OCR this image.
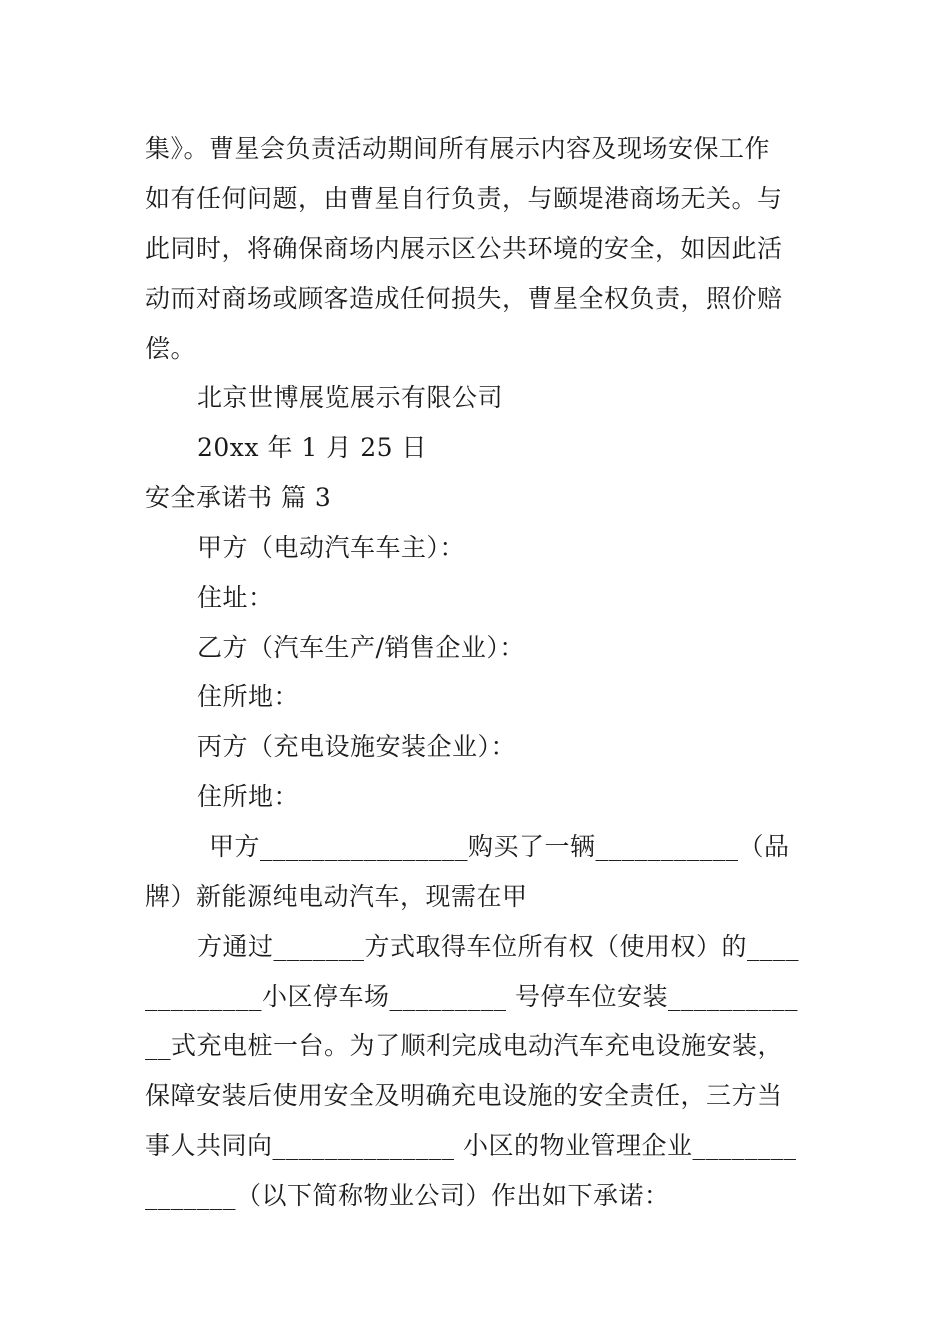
集》。曹星会负责活动期间所有展示内容及现场安保工作
如有任何问题，由曹星自行负责，与颐堤港商场无关。与
此同时，将确保商场内展示区公共环境的安全，如因此活
动而对商场或顾客造成任何损失，曹星全权负责，照价赔
偿。
北京世博展览展示有限公司
20xx 年 1 月 25 日
安全承诺书 篇 3
甲方（电动汽车车主）：
住址：
乙方（汽车生产/销售企业）：
住所地：
丙方（充电设施安装企业）：
住所地：
甲方________________购买了一辆___________（品
牌）新能源纯电动汽车，现需在甲
方通过_______方式取得车位所有权（使用权）的____
_________小区停车场_________ 号停车位安装__________
__式充电桩一台。为了顺利完成电动汽车充电设施安装，
保障安装后使用安全及明确充电设施的安全责任，三方当
事人共同向______________ 小区的物业管理企业________
_______（以下简称物业公司）作出如下承诺：
